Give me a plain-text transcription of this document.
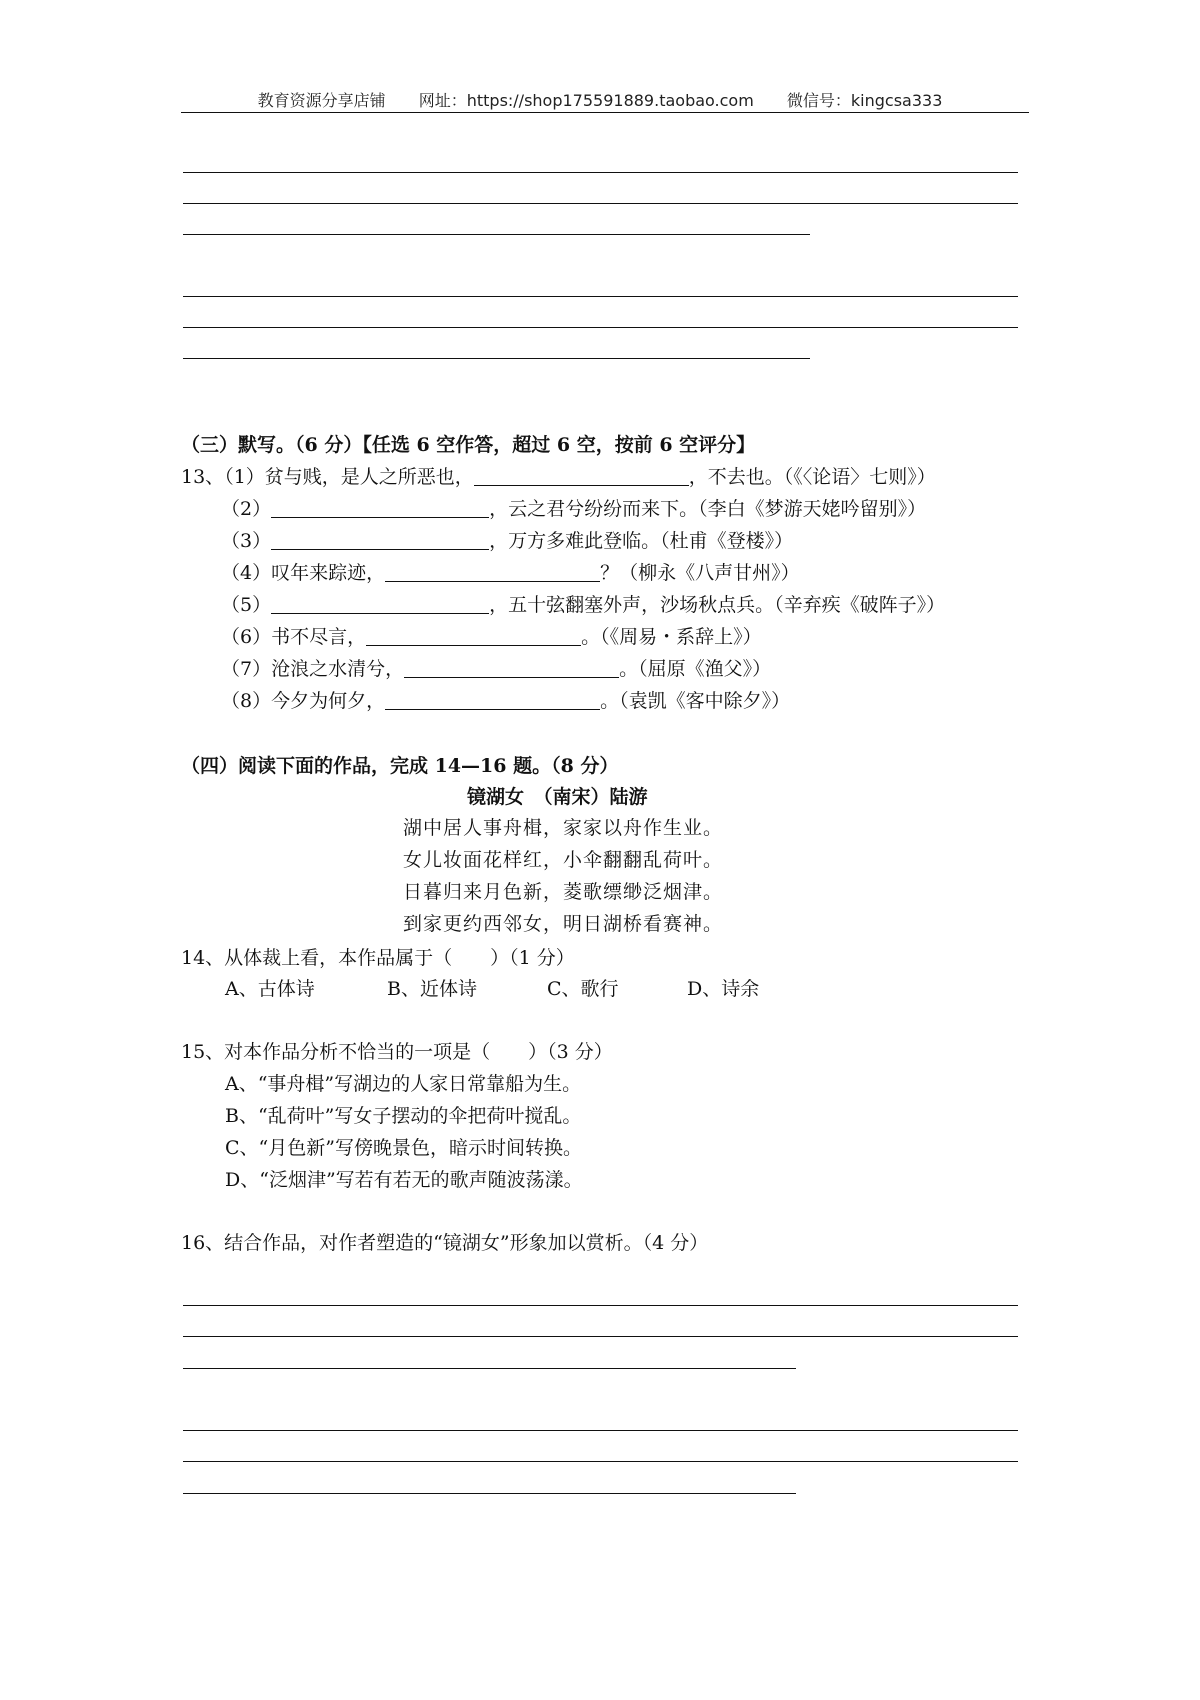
教育资源分享店铺 网址：https://shop175591889.taobao.com 微信号：kingcsa333
（三）默写。（6 分）【任选 6 空作答，超过 6 空，按前 6 空评分】
13、（1）贫与贱，是人之所恶也，	，不去也。（《〈论语〉七则》）
（2）	，云之君兮纷纷而来下。（李白《梦游天姥吟留别》）
（3）	，万方多难此登临。（杜甫《登楼》）
（4）叹年来踪迹，	？（柳永《八声甘州》）
（5）	，五十弦翻塞外声，沙场秋点兵。（辛弃疾《破阵子》）
（6）书不尽言，	。（《周易・系辞上》）
（7）沧浪之水清兮，	。（屈原《渔父》）
（8）今夕为何夕，	。（袁凯《客中除夕》）
（四）阅读下面的作品，完成 14—16 题。（8 分）
镜湖女　（南宋）陆游
湖中居人事舟楫，家家以舟作生业。
女儿妆面花样红，小伞翻翻乱荷叶。
日暮归来月色新，菱歌缥缈泛烟津。
到家更约西邻女，明日湖桥看赛神。
14、从体裁上看，本作品属于（　　）（1 分）
A、古体诗	B、近体诗	C、歌行	D、诗余
15、对本作品分析不恰当的一项是（　　）（3 分）
A、“事舟楫”写湖边的人家日常靠船为生。
B、“乱荷叶”写女子摆动的伞把荷叶搅乱。
C、“月色新”写傍晚景色，暗示时间转换。
D、“泛烟津”写若有若无的歌声随波荡漾。
16、结合作品，对作者塑造的“镜湖女”形象加以赏析。（4 分）
